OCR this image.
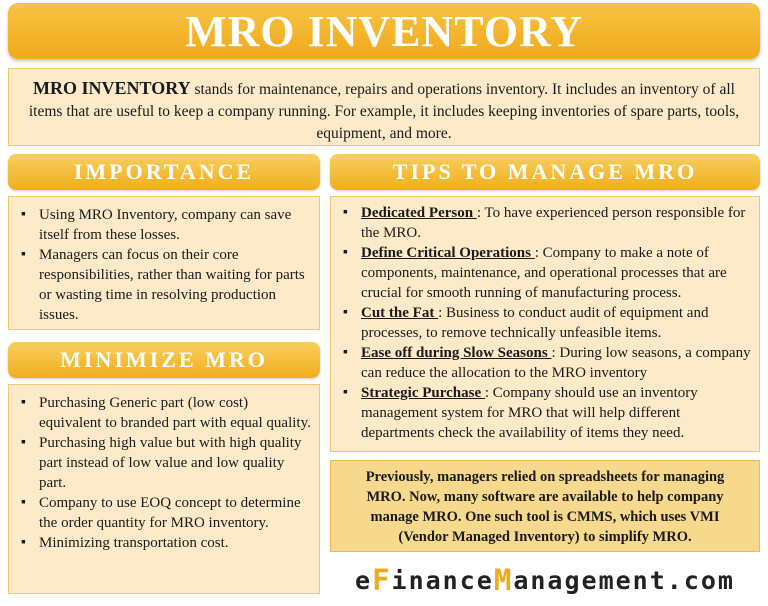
MRO INVENTORY
MRO INVENTORY stands for maintenance, repairs and operations inventory. It includes an inventory of all items that are useful to keep a company running. For example, it includes keeping inventories of spare parts, tools, equipment, and more.
IMPORTANCE
▪ Using MRO Inventory, company can save itself from these losses.
▪ Managers can focus on their core responsibilities, rather than waiting for parts or wasting time in resolving production issues.
MINIMIZE MRO
▪ Purchasing Generic part (low cost) equivalent to branded part with equal quality.
▪ Purchasing high value but with high quality part instead of low value and low quality part.
▪ Company to use EOQ concept to determine the order quantity for MRO inventory.
▪ Minimizing transportation cost.
TIPS TO MANAGE MRO
▪ Dedicated Person : To have experienced person responsible for the MRO.
▪ Define Critical Operations : Company to make a note of components, maintenance, and operational processes that are crucial for smooth running of manufacturing process.
▪ Cut the Fat : Business to conduct audit of equipment and processes, to remove technically unfeasible items.
▪ Ease off during Slow Seasons : During low seasons, a company can reduce the allocation to the MRO inventory
▪ Strategic Purchase : Company should use an inventory management system for MRO that will help different departments check the availability of items they need.
Previously, managers relied on spreadsheets for managing MRO. Now, many software are available to help company manage MRO. One such tool is CMMS, which uses VMI (Vendor Managed Inventory) to simplify MRO.
e F inance M anagement.com
